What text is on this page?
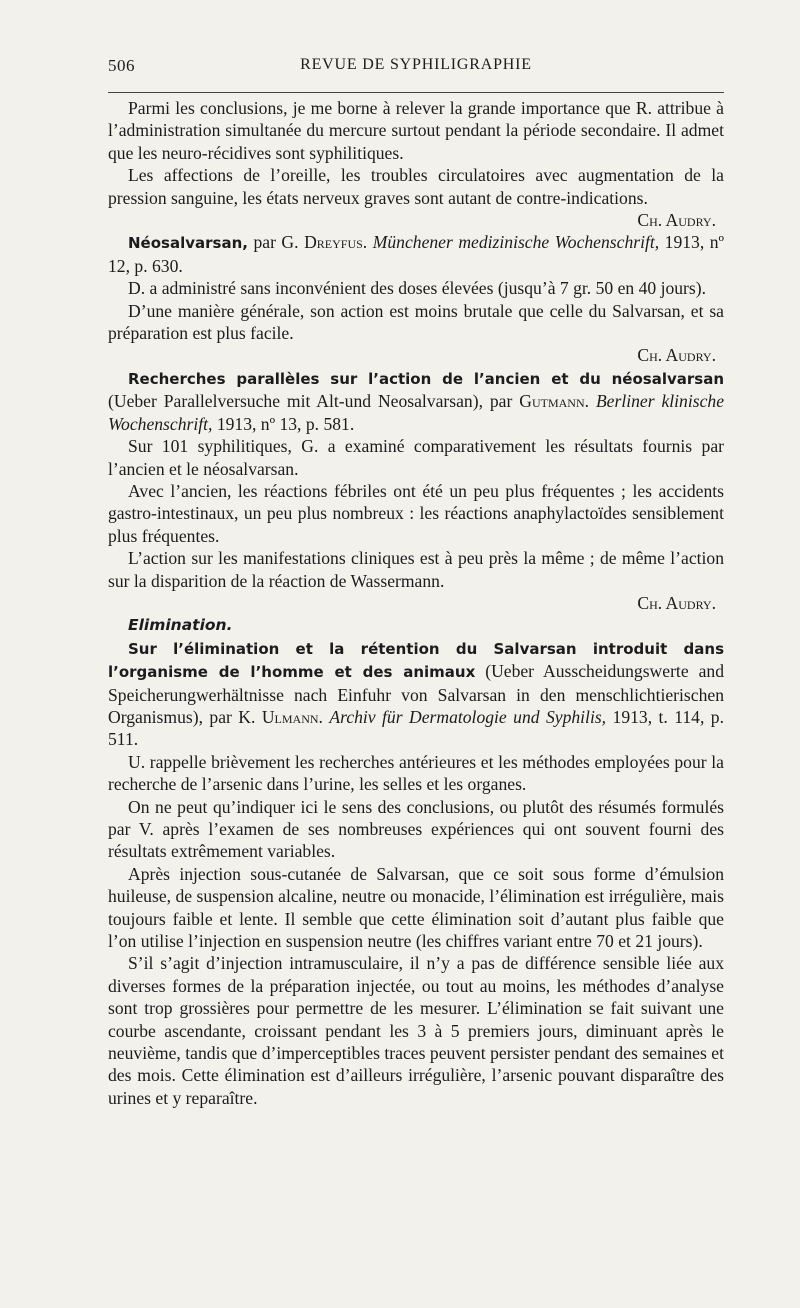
506	REVUE DE SYPHILIGRAPHIE

Parmi les conclusions, je me borne à relever la grande importance que R. attribue à l’administration simultanée du mercure surtout pendant la période secondaire. Il admet que les neuro-récidives sont syphilitiques.

Les affections de l’oreille, les troubles circulatoires avec augmentation de la pression sanguine, les états nerveux graves sont autant de contre-indications.

Ch. Audry.

Néosalvarsan, par G. Dreyfus. Münchener medizinische Wochenschrift, 1913, nº 12, p. 630.

D. a administré sans inconvénient des doses élevées (jusqu’à 7 gr. 50 en 40 jours).

D’une manière générale, son action est moins brutale que celle du Salvarsan, et sa préparation est plus facile.

Ch. Audry.

Recherches parallèles sur l’action de l’ancien et du néosalvarsan (Ueber Parallelversuche mit Alt-und Neosalvarsan), par Gutmann. Berliner klinische Wochenschrift, 1913, nº 13, p. 581.

Sur 101 syphilitiques, G. a examiné comparativement les résultats fournis par l’ancien et le néosalvarsan.

Avec l’ancien, les réactions fébriles ont été un peu plus fréquentes ; les accidents gastro-intestinaux, un peu plus nombreux : les réactions anaphylactoïdes sensiblement plus fréquentes.

L’action sur les manifestations cliniques est à peu près la même ; de même l’action sur la disparition de la réaction de Wassermann.

Ch. Audry.

Elimination.

Sur l’élimination et la rétention du Salvarsan introduit dans l’organisme de l’homme et des animaux (Ueber Ausscheidungswerte and Speicherungwerhältnisse nach Einfuhr von Salvarsan in den menschlichtierischen Organismus), par K. Ulmann. Archiv für Dermatologie und Syphilis, 1913, t. 114, p. 511.

U. rappelle brièvement les recherches antérieures et les méthodes employées pour la recherche de l’arsenic dans l’urine, les selles et les organes.

On ne peut qu’indiquer ici le sens des conclusions, ou plutôt des résumés formulés par V. après l’examen de ses nombreuses expériences qui ont souvent fourni des résultats extrêmement variables.

Après injection sous-cutanée de Salvarsan, que ce soit sous forme d’émulsion huileuse, de suspension alcaline, neutre ou monacide, l’élimination est irrégulière, mais toujours faible et lente. Il semble que cette élimination soit d’autant plus faible que l’on utilise l’injection en suspension neutre (les chiffres variant entre 70 et 21 jours).

S’il s’agit d’injection intramusculaire, il n’y a pas de différence sensible liée aux diverses formes de la préparation injectée, ou tout au moins, les méthodes d’analyse sont trop grossières pour permettre de les mesurer. L’élimination se fait suivant une courbe ascendante, croissant pendant les 3 à 5 premiers jours, diminuant après le neuvième, tandis que d’imperceptibles traces peuvent persister pendant des semaines et des mois. Cette élimination est d’ailleurs irrégulière, l’arsenic pouvant disparaître des urines et y reparaître.
